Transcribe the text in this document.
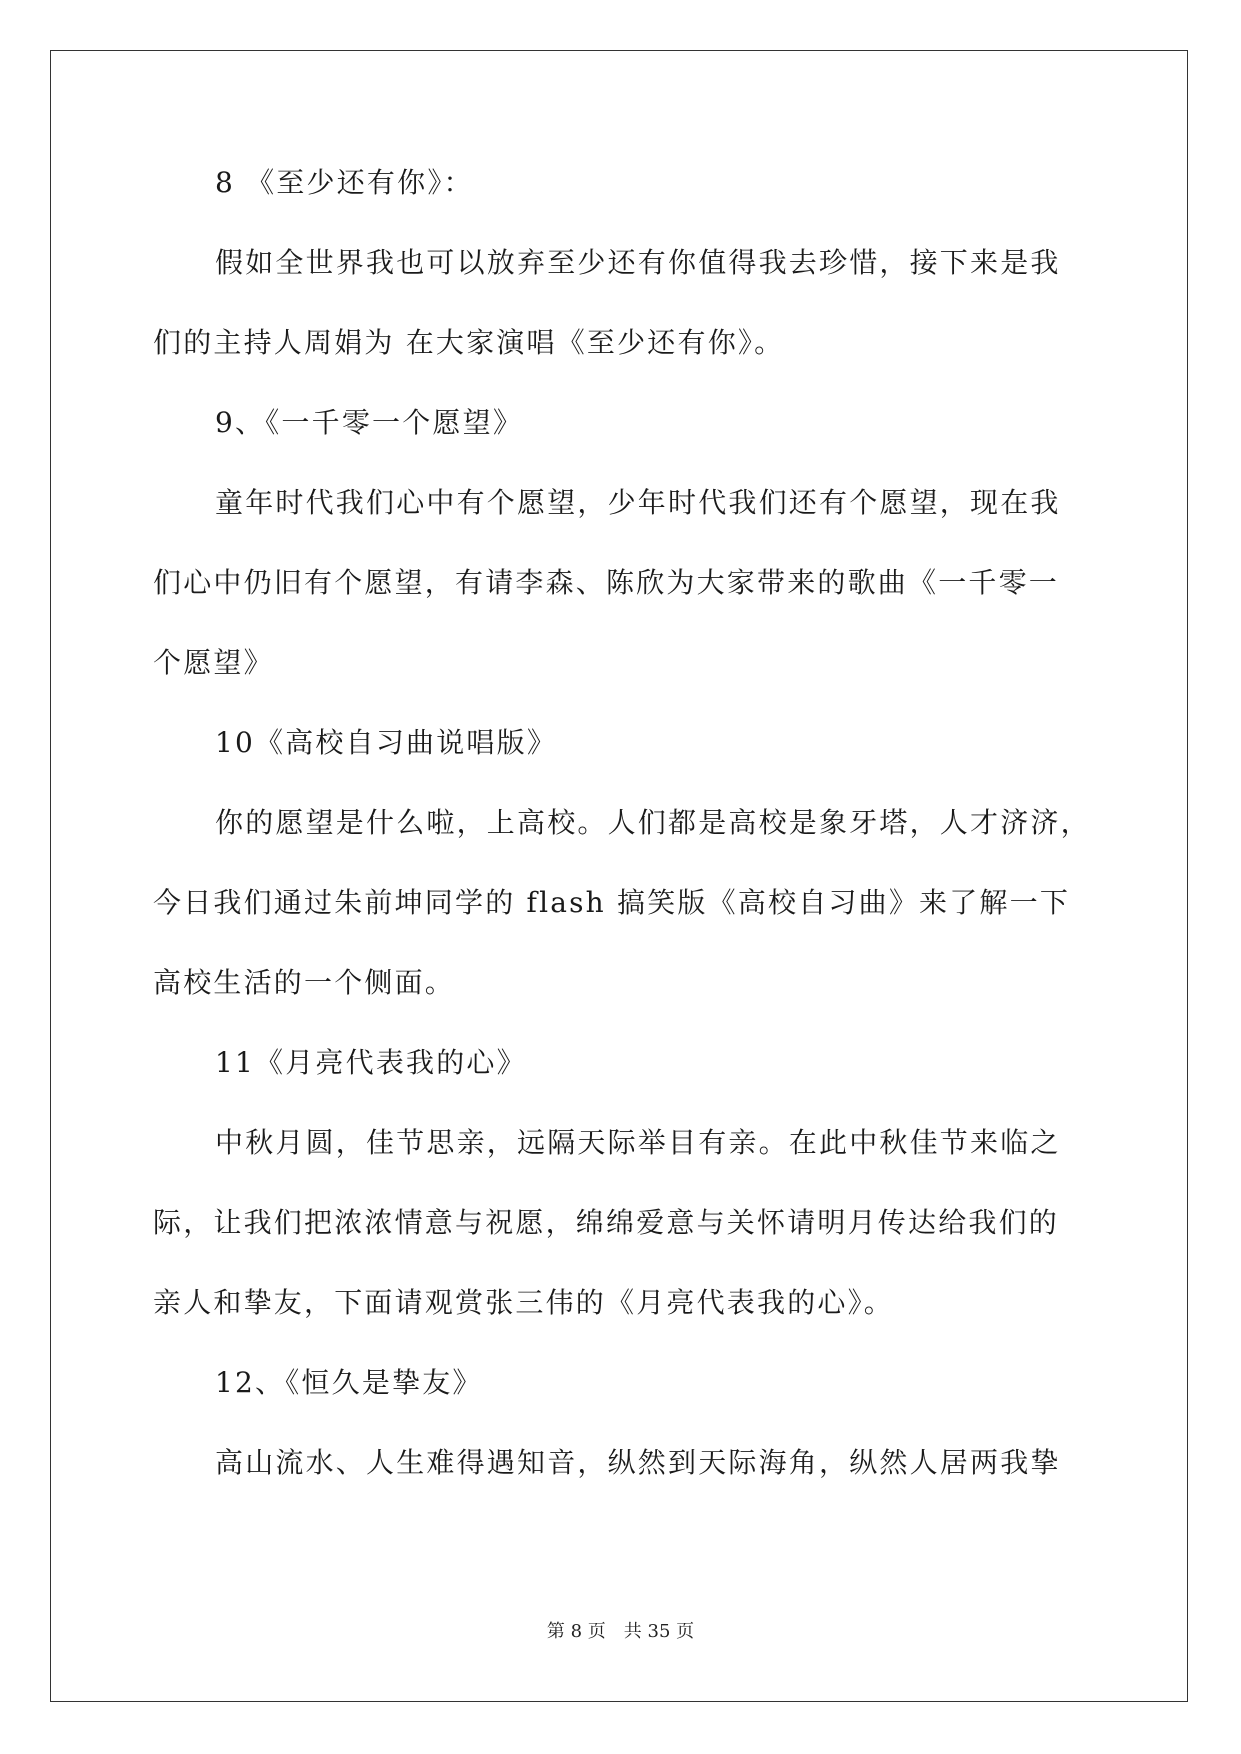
8 《至少还有你》：
假如全世界我也可以放弃至少还有你值得我去珍惜，接下来是我
们的主持人周娟为 在大家演唱《至少还有你》。
9、《一千零一个愿望》
童年时代我们心中有个愿望，少年时代我们还有个愿望，现在我
们心中仍旧有个愿望，有请李森、陈欣为大家带来的歌曲《一千零一
个愿望》
10《高校自习曲说唱版》
你的愿望是什么啦，上高校。人们都是高校是象牙塔，人才济济，
今日我们通过朱前坤同学的 flash 搞笑版《高校自习曲》来了解一下
高校生活的一个侧面。
11《月亮代表我的心》
中秋月圆，佳节思亲，远隔天际举目有亲。在此中秋佳节来临之
际，让我们把浓浓情意与祝愿，绵绵爱意与关怀请明月传达给我们的
亲人和挚友，下面请观赏张三伟的《月亮代表我的心》。
12、《恒久是挚友》
高山流水、人生难得遇知音，纵然到天际海角，纵然人居两我挚
第 8 页 共 35 页
